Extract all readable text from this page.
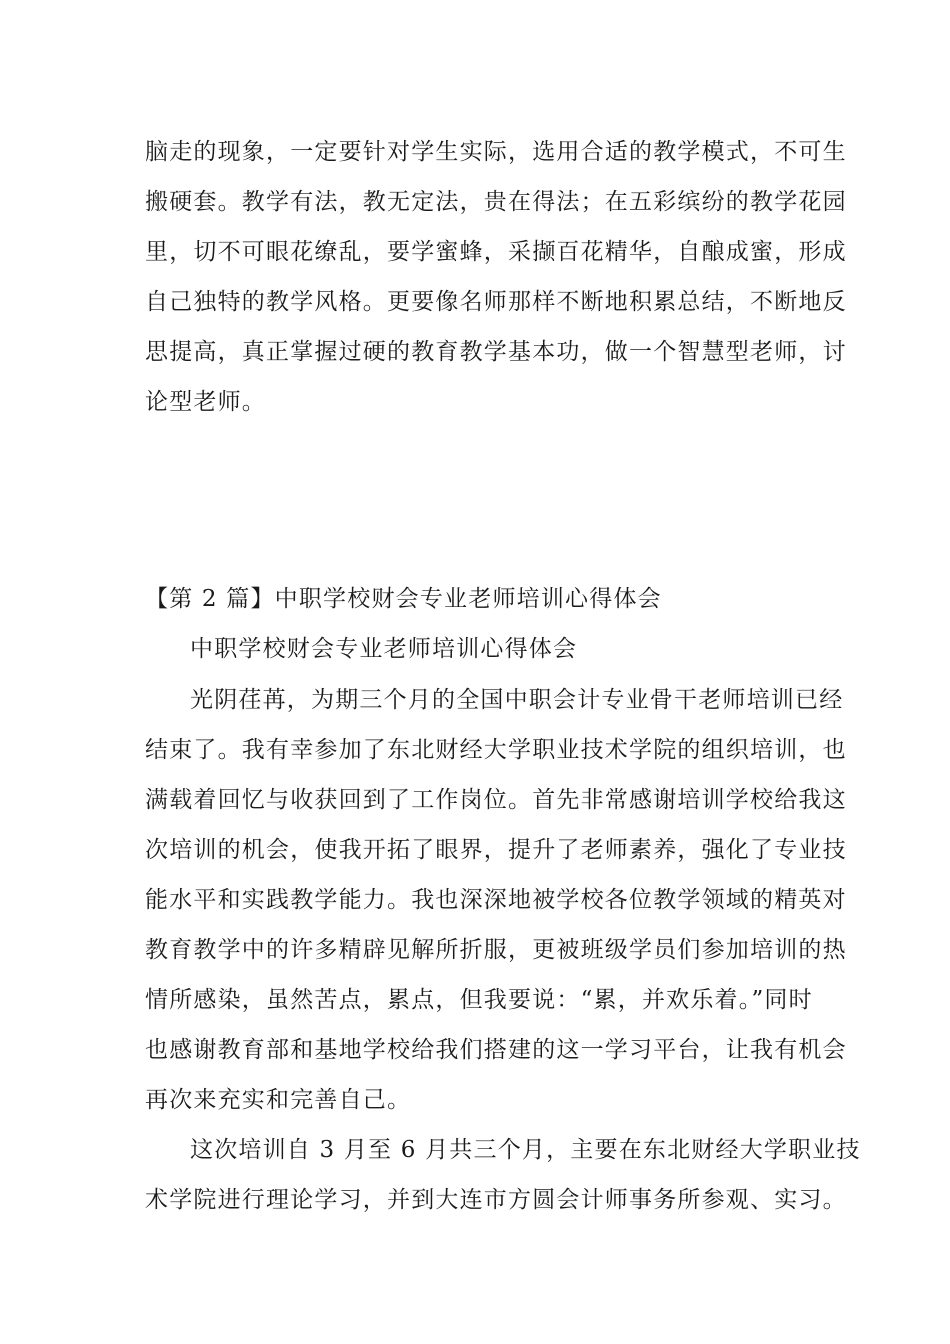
脑走的现象，一定要针对学生实际，选用合适的教学模式，不可生
搬硬套。教学有法，教无定法，贵在得法；在五彩缤纷的教学花园
里，切不可眼花缭乱，要学蜜蜂，采撷百花精华，自酿成蜜，形成
自己独特的教学风格。更要像名师那样不断地积累总结，不断地反
思提高，真正掌握过硬的教育教学基本功，做一个智慧型老师，讨
论型老师。
【第 2 篇】中职学校财会专业老师培训心得体会
中职学校财会专业老师培训心得体会
光阴荏苒，为期三个月的全国中职会计专业骨干老师培训已经
结束了。我有幸参加了东北财经大学职业技术学院的组织培训，也
满载着回忆与收获回到了工作岗位。首先非常感谢培训学校给我这
次培训的机会，使我开拓了眼界，提升了老师素养，强化了专业技
能水平和实践教学能力。我也深深地被学校各位教学领域的精英对
教育教学中的许多精辟见解所折服，更被班级学员们参加培训的热
情所感染，虽然苦点，累点，但我要说：“累，并欢乐着。”同时
也感谢教育部和基地学校给我们搭建的这一学习平台，让我有机会
再次来充实和完善自己。
这次培训自 3 月至 6 月共三个月，主要在东北财经大学职业技
术学院进行理论学习，并到大连市方圆会计师事务所参观、实习。
